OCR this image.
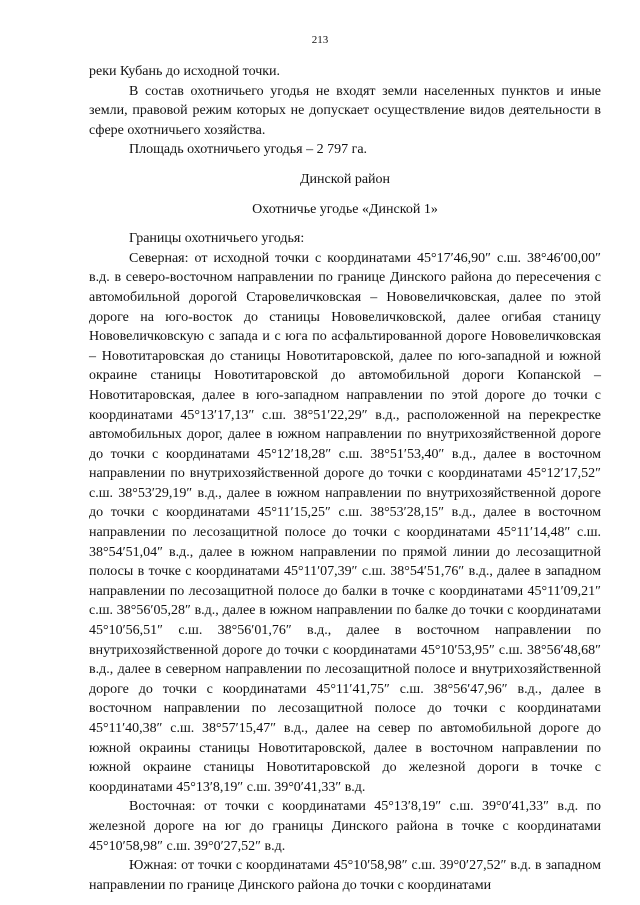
213

реки Кубань до исходной точки.

В состав охотничьего угодья не входят земли населенных пунктов и иные земли, правовой режим которых не допускает осуществление видов деятельности в сфере охотничьего хозяйства.

Площадь охотничьего угодья – 2 797 га.

Динской район

Охотничье угодье «Динской 1»

Границы охотничьего угодья:

Северная: от исходной точки с координатами 45°17′46,90″ с.ш. 38°46′00,00″ в.д. в северо-восточном направлении по границе Динского района до пересечения с автомобильной дорогой Старовеличковская – Нововеличковская, далее по этой дороге на юго-восток до станицы Нововеличковской, далее огибая станицу Нововеличковскую с запада и с юга по асфальтированной дороге Нововеличковская – Новотитаровская до станицы Новотитаровской, далее по юго-западной и южной окраине станицы Новотитаровской до автомобильной дороги Копанской – Новотитаровская, далее в юго-западном направлении по этой дороге до точки с координатами 45°13′17,13″ с.ш. 38°51′22,29″ в.д., расположенной на перекрестке автомобильных дорог, далее в южном направлении по внутрихозяйственной дороге до точки с координатами 45°12′18,28″ с.ш. 38°51′53,40″ в.д., далее в восточном направлении по внутрихозяйственной дороге до точки с координатами 45°12′17,52″ с.ш. 38°53′29,19″ в.д., далее в южном направлении по внутрихозяйственной дороге до точки с координатами 45°11′15,25″ с.ш. 38°53′28,15″ в.д., далее в восточном направлении по лесозащитной полосе до точки с координатами 45°11′14,48″ с.ш. 38°54′51,04″ в.д., далее в южном направлении по прямой линии до лесозащитной полосы в точке с координатами 45°11′07,39″ с.ш. 38°54′51,76″ в.д., далее в западном направлении по лесозащитной полосе до балки в точке с координатами 45°11′09,21″ с.ш. 38°56′05,28″ в.д., далее в южном направлении по балке до точки с координатами 45°10′56,51″ с.ш. 38°56′01,76″ в.д., далее в восточном направлении по внутрихозяйственной дороге до точки с координатами 45°10′53,95″ с.ш. 38°56′48,68″ в.д., далее в северном направлении по лесозащитной полосе и внутрихозяйственной дороге до точки с координатами 45°11′41,75″ с.ш. 38°56′47,96″ в.д., далее в восточном направлении по лесозащитной полосе до точки с координатами 45°11′40,38″ с.ш. 38°57′15,47″ в.д., далее на север по автомобильной дороге до южной окраины станицы Новотитаровской, далее в восточном направлении по южной окраине станицы Новотитаровской до железной дороги в точке с координатами 45°13′8,19″ с.ш. 39°0′41,33″ в.д.

Восточная: от точки с координатами 45°13′8,19″ с.ш. 39°0′41,33″ в.д. по железной дороге на юг до границы Динского района в точке с координатами 45°10′58,98″ с.ш. 39°0′27,52″ в.д.

Южная: от точки с координатами 45°10′58,98″ с.ш. 39°0′27,52″ в.д. в западном направлении по границе Динского района до точки с координатами
